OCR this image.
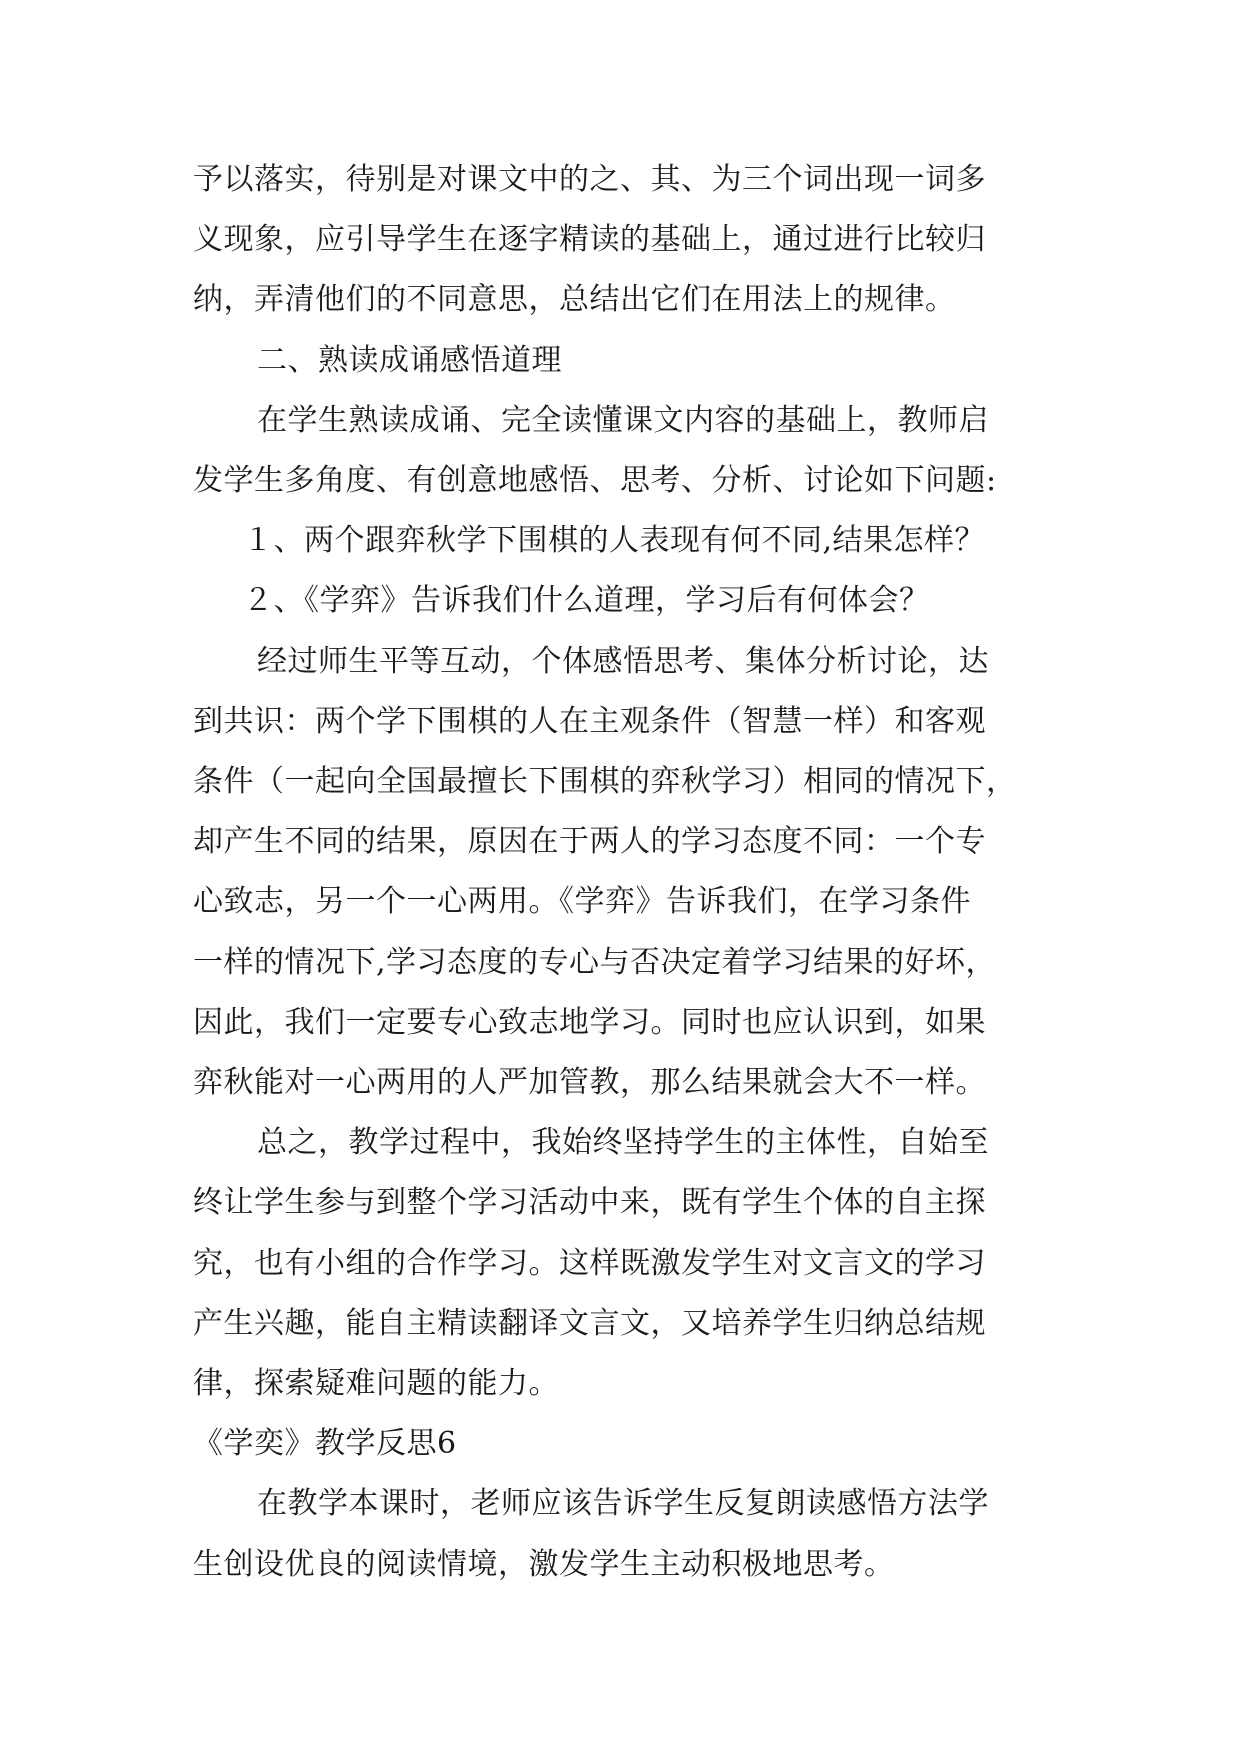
予以落实，待别是对课文中的之、其、为三个词出现一词多
义现象，应引导学生在逐字精读的基础上，通过进行比较归
纳，弄清他们的不同意思，总结出它们在用法上的规律。
二、熟读成诵感悟道理
在学生熟读成诵、完全读懂课文内容的基础上，教师启
发学生多角度、有创意地感悟、思考、分析、讨论如下问题:
１、两个跟弈秋学下围棋的人表现有何不同,结果怎样？
２、《学弈》告诉我们什么道理，学习后有何体会？
经过师生平等互动，个体感悟思考、集体分析讨论，达
到共识：两个学下围棋的人在主观条件（智慧一样）和客观
条件（一起向全国最擅长下围棋的弈秋学习）相同的情况下，
却产生不同的结果，原因在于两人的学习态度不同：一个专
心致志，另一个一心两用。《学弈》告诉我们，在学习条件
一样的情况下,学习态度的专心与否决定着学习结果的好坏，
因此，我们一定要专心致志地学习。同时也应认识到，如果
弈秋能对一心两用的人严加管教，那么结果就会大不一样。
总之，教学过程中，我始终坚持学生的主体性，自始至
终让学生参与到整个学习活动中来，既有学生个体的自主探
究，也有小组的合作学习。这样既激发学生对文言文的学习
产生兴趣，能自主精读翻译文言文，又培养学生归纳总结规
律，探索疑难问题的能力。
《学奕》教学反思6
在教学本课时，老师应该告诉学生反复朗读感悟方法学
生创设优良的阅读情境，激发学生主动积极地思考。
